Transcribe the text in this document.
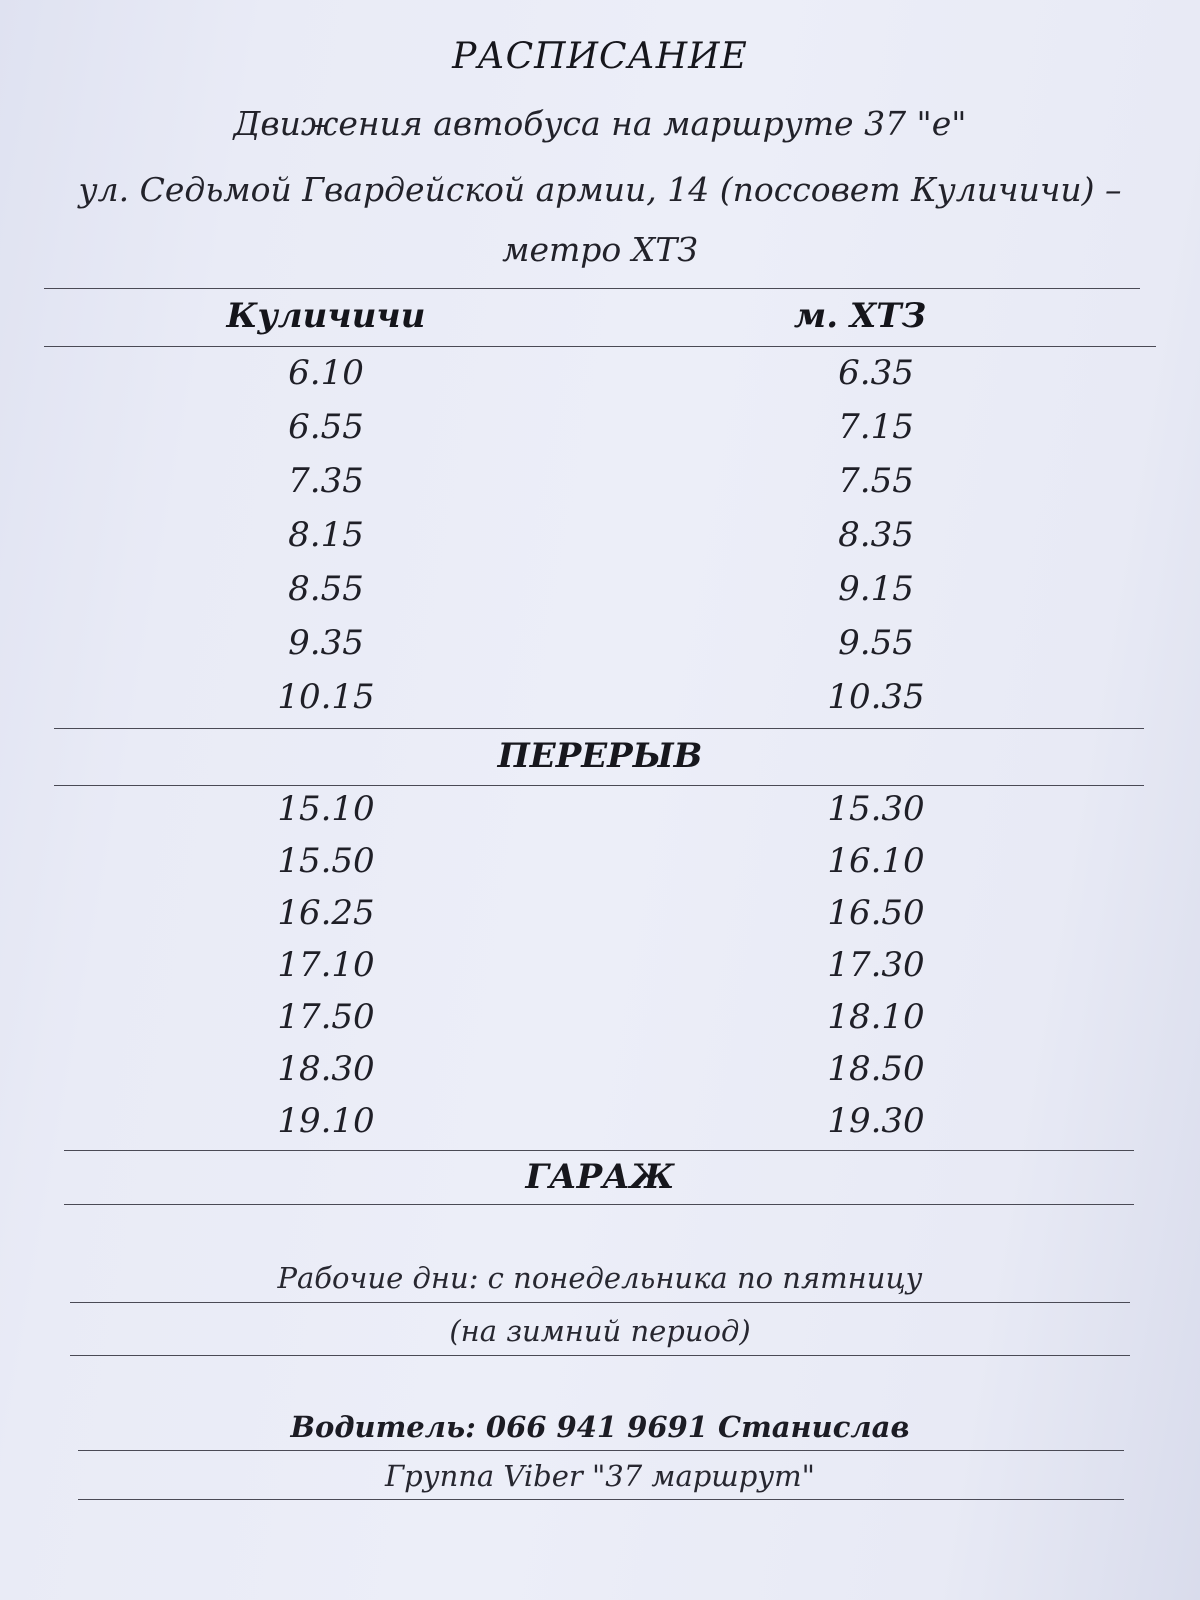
РАСПИСАНИЕ
Движения автобуса на маршруте 37 "е"
ул. Седьмой Гвардейской армии, 14 (поссовет Куличичи) –
метро ХТЗ
Куличичи	м. ХТЗ
6.10	6.35
6.55	7.15
7.35	7.55
8.15	8.35
8.55	9.15
9.35	9.55
10.15	10.35
ПЕРЕРЫВ
15.10	15.30
15.50	16.10
16.25	16.50
17.10	17.30
17.50	18.10
18.30	18.50
19.10	19.30
ГАРАЖ
Рабочие дни: с понедельника по пятницу
(на зимний период)
Водитель: 066 941 9691 Станислав
Группа Viber "37 маршрут"
